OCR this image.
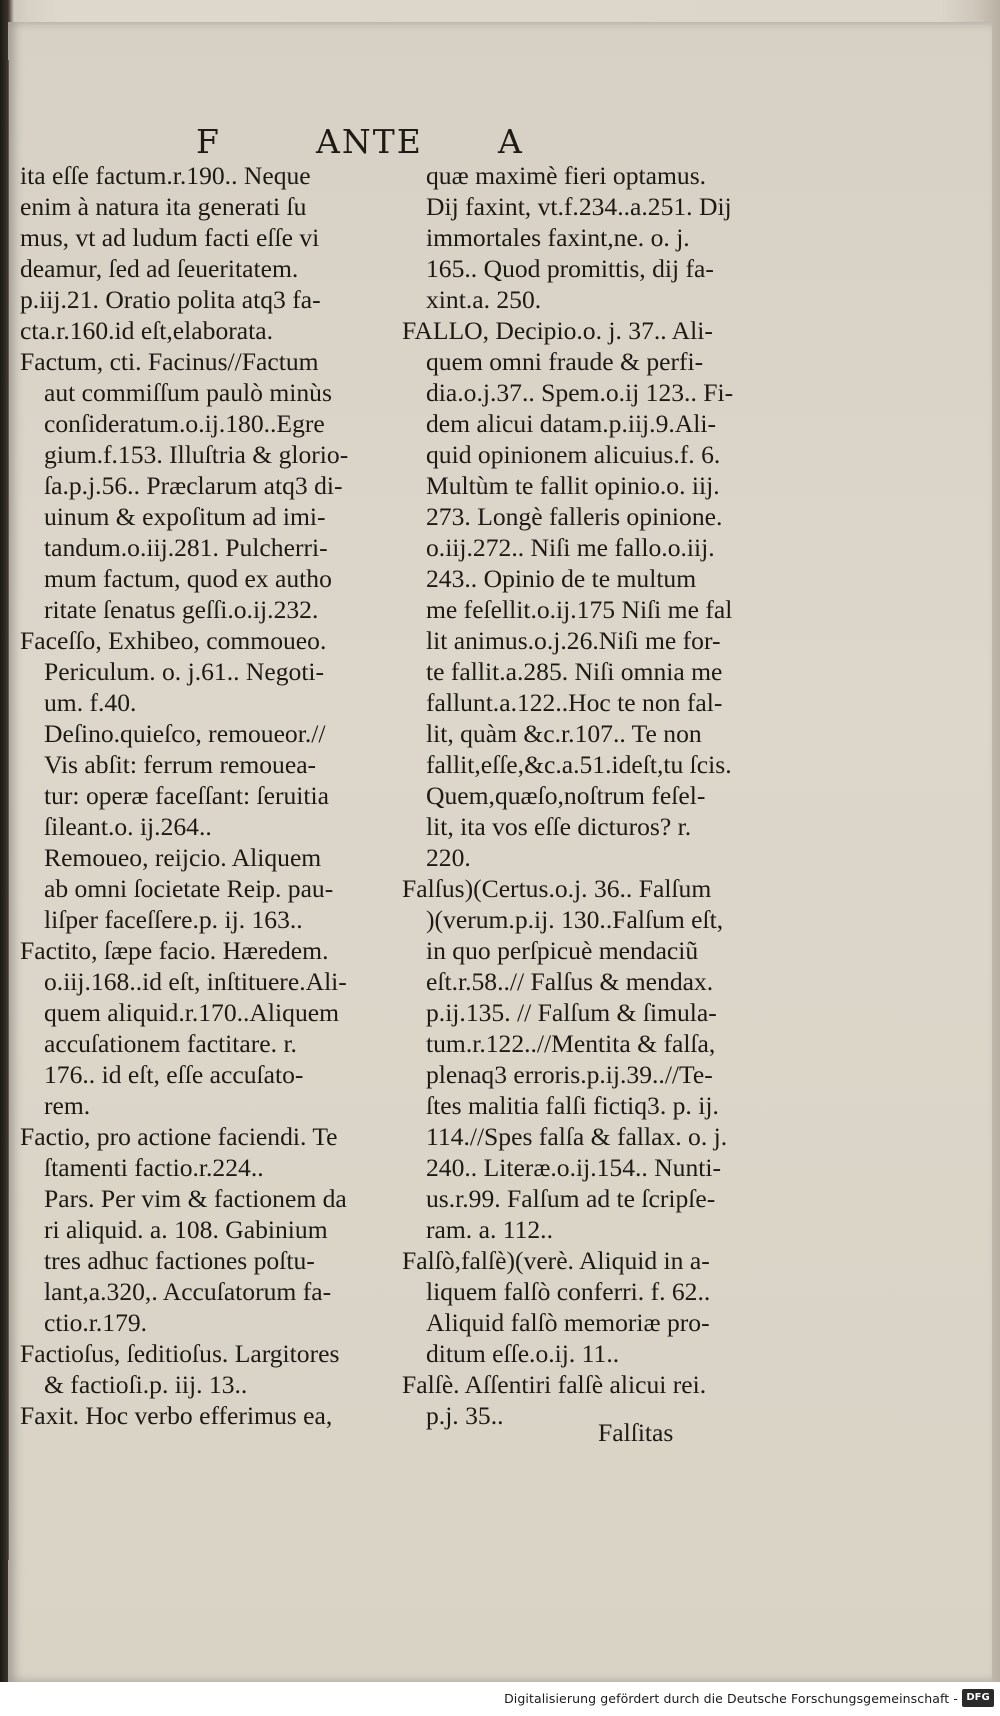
F	ANTE A

ita eſſe factum.r.190.. Neque

enim à natura ita generati ſu

mus, vt ad ludum facti eſſe vi

deamur, ſed ad ſeueritatem.

p.iij.21. Oratio polita atq3 fa-

cta.r.160.id eſt,elaborata.

Factum, cti. Facinus//Factum

aut commiſſum paulò minùs

conſideratum.o.ij.180..Egre

gium.f.153. Illuſtria & glorio-

ſa.p.j.56.. Præclarum atq3 di-

uinum & expoſitum ad imi-

tandum.o.iij.281. Pulcherri-

mum factum, quod ex autho

ritate ſenatus geſſi.o.ij.232.

Faceſſo, Exhibeo, commoueo.

Periculum. o. j.61.. Negoti-

um. f.40.

Deſino.quieſco, remoueor.//

Vis abſit: ferrum remouea-

tur: operæ faceſſant: ſeruitia

ſileant.o. ij.264..

Remoueo, reijcio. Aliquem

ab omni ſocietate Reip. pau-

liſper faceſſere.p. ij. 163..

Factito, ſæpe facio. Hæredem.

o.iij.168..id eſt, inſtituere.Ali-

quem aliquid.r.170..Aliquem

accuſationem factitare. r.

176.. id eſt, eſſe accuſato-

rem.

Factio, pro actione faciendi. Te

ſtamenti factio.r.224..

Pars. Per vim & factionem da

ri aliquid. a. 108. Gabinium

tres adhuc factiones poſtu-

lant,a.320,. Accuſatorum fa-

ctio.r.179.

Factioſus, ſeditioſus. Largitores

& factioſi.p. iij. 13..

Faxit. Hoc verbo efferimus ea,

quæ maximè fieri optamus.

Dij faxint, vt.f.234..a.251. Dij

immortales faxint,ne. o. j.

165.. Quod promittis, dij fa-

xint.a. 250.

FALLO, Decipio.o. j. 37.. Ali-

quem omni fraude & perfi-

dia.o.j.37.. Spem.o.ij 123.. Fi-

dem alicui datam.p.iij.9.Ali-

quid opinionem alicuius.f. 6.

Multùm te fallit opinio.o. iij.

273. Longè falleris opinione.

o.iij.272.. Niſi me fallo.o.iij.

243.. Opinio de te multum

me feſellit.o.ij.175 Niſi me fal

lit animus.o.j.26.Niſi me for-

te fallit.a.285. Niſi omnia me

fallunt.a.122..Hoc te non fal-

lit, quàm &c.r.107.. Te non

fallit,eſſe,&c.a.51.ideſt,tu ſcis.

Quem,quæſo,noſtrum feſel-

lit, ita vos eſſe dicturos? r.

220.

Falſus)(Certus.o.j. 36.. Falſum

)(verum.p.ij. 130..Falſum eſt,

in quo perſpicuè mendaciũ

eſt.r.58..// Falſus & mendax.

p.ij.135. // Falſum & ſimula-

tum.r.122..//Mentita & falſa,

plenaq3 erroris.p.ij.39..//Te-

ſtes malitia falſi fictiq3. p. ij.

114.//Spes falſa & fallax. o. j.

240.. Literæ.o.ij.154.. Nunti-

us.r.99. Falſum ad te ſcripſe-

ram. a. 112..

Falſò,falſè)(verè. Aliquid in a-

liquem falſò conferri. f. 62..

Aliquid falſò memoriæ pro-

ditum eſſe.o.ij. 11..

Falſè. Aſſentiri falſè alicui rei.

p.j. 35..

Falſitas
Digitalisierung gefördert durch die Deutsche Forschungsgemeinschaft - DFG
